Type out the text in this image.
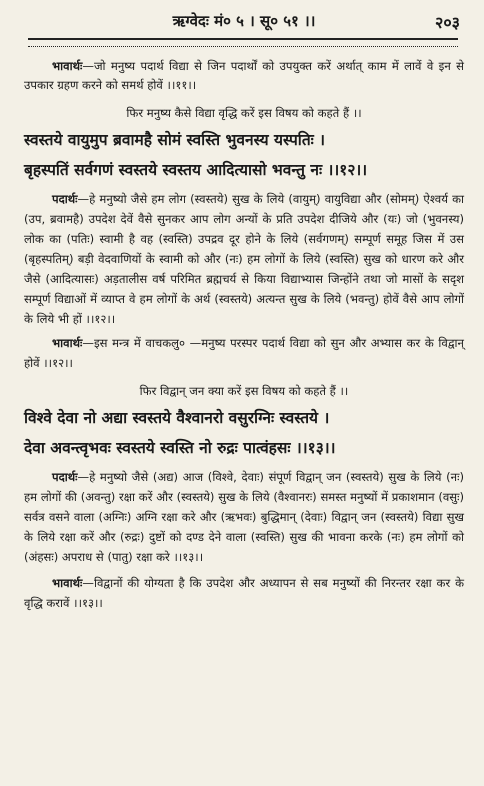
ऋग्वेदः मं० ५ । सू० ५१ ।।	२०३

भावार्थः—जो मनुष्य पदार्थ विद्या से जिन पदार्थों को उपयुक्त करें अर्थात् काम में लावें वे इन से उपकार ग्रहण करने को समर्थ होवें ।।११।।

फिर मनुष्य कैसे विद्या वृद्धि करें इस विषय को कहते हैं ।।

स्वस्तये वायुमुप ब्रवामहै सोमं स्वस्ति भुवनस्य यस्पतिः ।
बृहस्पतिं सर्वगणं स्वस्तये स्वस्तय आदित्यासो भवन्तु नः ।।१२।।

पदार्थः—हे मनुष्यो जैसे हम लोग (स्वस्तये) सुख के लिये (वायुम्) वायुविद्या और (सोमम्) ऐश्वर्य का (उप, ब्रवामहै) उपदेश देवें वैसे सुनकर आप लोग अन्यों के प्रति उपदेश दीजिये और (यः) जो (भुवनस्य) लोक का (पतिः) स्वामी है वह (स्वस्ति) उपद्रव दूर होने के लिये (सर्वगणम्) सम्पूर्ण समूह जिस में उस (बृहस्पतिम्) बड़ी वेदवाणियों के स्वामी को और (नः) हम लोगों के लिये (स्वस्ति) सुख को धारण करे और जैसे (आदित्यासः) अड़तालीस वर्ष परिमित ब्रह्मचर्य से किया विद्याभ्यास जिन्होंने तथा जो मासों के सदृश सम्पूर्ण विद्याओं में व्याप्त वे हम लोगों के अर्थ (स्वस्तये) अत्यन्त सुख के लिये (भवन्तु) होवें वैसे आप लोगों के लिये भी हों ।।१२।।

भावार्थः—इस मन्त्र में वाचकलु० —मनुष्य परस्पर पदार्थ विद्या को सुन और अभ्यास कर के विद्वान् होवें ।।१२।।

फिर विद्वान् जन क्या करें इस विषय को कहते हैं ।।

विश्वे देवा नो अद्या स्वस्तये वैश्वानरो वसुरग्निः स्वस्तये ।
देवा अवन्त्वृभवः स्वस्तये स्वस्ति नो रुद्रः पात्वंहसः ।।१३।।

पदार्थः—हे मनुष्यो जैसे (अद्य) आज (विश्वे, देवाः) संपूर्ण विद्वान् जन (स्वस्तये) सुख के लिये (नः) हम लोगों की (अवन्तु) रक्षा करें और (स्वस्तये) सुख के लिये (वैश्वानरः) समस्त मनुष्यों में प्रकाशमान (वसुः) सर्वत्र वसने वाला (अग्निः) अग्नि रक्षा करे और (ऋभवः) बुद्धिमान् (देवाः) विद्वान् जन (स्वस्तये) विद्या सुख के लिये रक्षा करें और (रुद्रः) दुष्टों को दण्ड देने वाला (स्वस्ति) सुख की भावना करके (नः) हम लोगों को (अंहसः) अपराध से (पातु) रक्षा करे ।।१३।।

भावार्थः—विद्वानों की योग्यता है कि उपदेश और अध्यापन से सब मनुष्यों की निरन्तर रक्षा कर के वृद्धि करावें ।।१३।।
